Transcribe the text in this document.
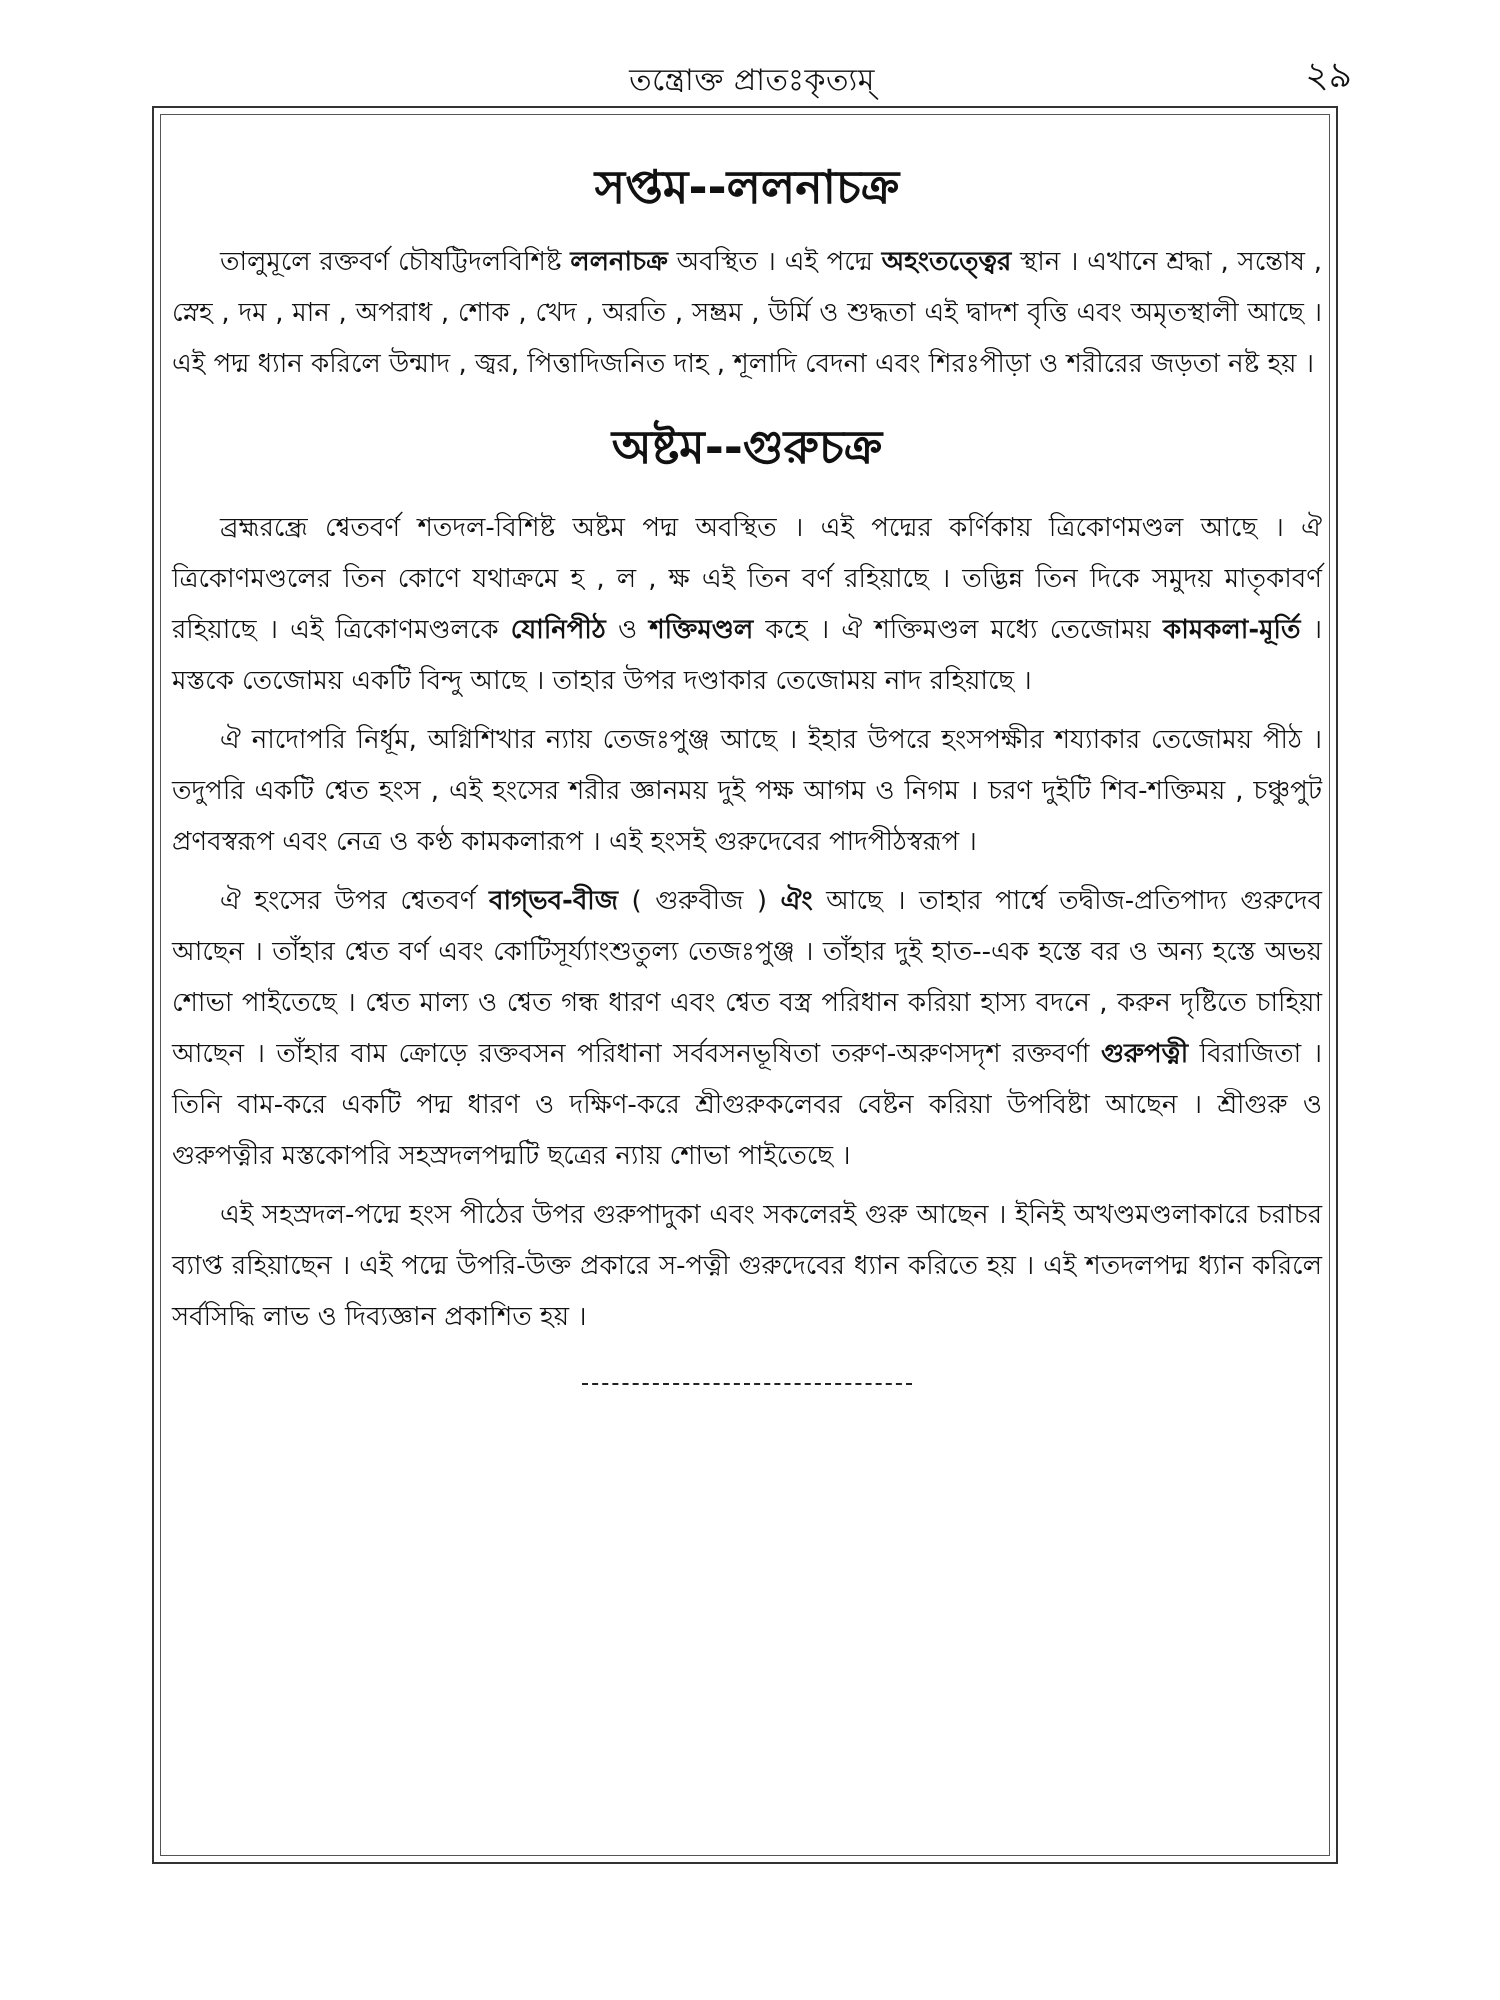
তন্ত্রোক্ত প্রাতঃকৃত্যম্	২৯
সপ্তম--ললনাচক্র

তালুমূলে রক্তবর্ণ চৌষট্টিদলবিশিষ্ট ললনাচক্র অবস্থিত । এই পদ্মে অহংতত্ত্বের স্থান । এখানে শ্রদ্ধা , সন্তোষ , স্নেহ , দম , মান , অপরাধ , শোক , খেদ , অরতি , সম্ভ্রম , উর্মি ও শুদ্ধতা এই দ্বাদশ বৃত্তি এবং অমৃতস্থালী আছে । এই পদ্ম ধ্যান করিলে উন্মাদ , জ্বর, পিত্তাদিজনিত দাহ , শূলাদি বেদনা এবং শিরঃপীড়া ও শরীরের জড়তা নষ্ট হয় ।

অষ্টম--গুরুচক্র

ব্রহ্মরন্ধ্রে শ্বেতবর্ণ শতদল-বিশিষ্ট অষ্টম পদ্ম অবস্থিত । এই পদ্মের কর্ণিকায় ত্রিকোণমণ্ডল আছে । ঐ ত্রিকোণমণ্ডলের তিন কোণে যথাক্রমে হ , ল , ক্ষ এই তিন বর্ণ রহিয়াছে । তদ্ভিন্ন তিন দিকে সমুদয় মাতৃকাবর্ণ রহিয়াছে । এই ত্রিকোণমণ্ডলকে যোনিপীঠ ও শক্তিমণ্ডল কহে । ঐ শক্তিমণ্ডল মধ্যে তেজোময় কামকলা-মূর্তি । মস্তকে তেজোময় একটি বিন্দু আছে । তাহার উপর দণ্ডাকার তেজোময় নাদ রহিয়াছে ।

ঐ নাদোপরি নির্ধূম, অগ্নিশিখার ন্যায় তেজঃপুঞ্জ আছে । ইহার উপরে হংসপক্ষীর শয্যাকার তেজোময় পীঠ । তদুপরি একটি শ্বেত হংস , এই হংসের শরীর জ্ঞানময় দুই পক্ষ আগম ও নিগম । চরণ দুইটি শিব-শক্তিময় , চঞ্চুপুট প্রণবস্বরূপ এবং নেত্র ও কণ্ঠ কামকলারূপ । এই হংসই গুরুদেবের পাদপীঠস্বরূপ ।

ঐ হংসের উপর শ্বেতবর্ণ বাগ্‌ভব-বীজ ( গুরুবীজ ) ঐং আছে । তাহার পার্শ্বে তদ্বীজ-প্রতিপাদ্য গুরুদেব আছেন । তাঁহার শ্বেত বর্ণ এবং কোটিসূর্য্যাংশুতুল্য তেজঃপুঞ্জ । তাঁহার দুই হাত--এক হস্তে বর ও অন্য হস্তে অভয় শোভা পাইতেছে । শ্বেত মাল্য ও শ্বেত গন্ধ ধারণ এবং শ্বেত বস্ত্র পরিধান করিয়া হাস্য বদনে , করুন দৃষ্টিতে চাহিয়া আছেন । তাঁহার বাম ক্রোড়ে রক্তবসন পরিধানা সর্ববসনভূষিতা তরুণ-অরুণসদৃশ রক্তবর্ণা গুরুপত্নী বিরাজিতা । তিনি বাম-করে একটি পদ্ম ধারণ ও দক্ষিণ-করে শ্রীগুরুকলেবর বেষ্টন করিয়া উপবিষ্টা আছেন । শ্রীগুরু ও গুরুপত্নীর মস্তকোপরি সহস্রদলপদ্মটি ছত্রের ন্যায় শোভা পাইতেছে ।

এই সহস্রদল-পদ্মে হংস পীঠের উপর গুরুপাদুকা এবং সকলেরই গুরু আছেন । ইনিই অখণ্ডমণ্ডলাকারে চরাচর ব্যাপ্ত রহিয়াছেন । এই পদ্মে উপরি-উক্ত প্রকারে স-পত্নী গুরুদেবের ধ্যান করিতে হয় । এই শতদলপদ্ম ধ্যান করিলে সর্বসিদ্ধি লাভ ও দিব্যজ্ঞান প্রকাশিত হয় ।
